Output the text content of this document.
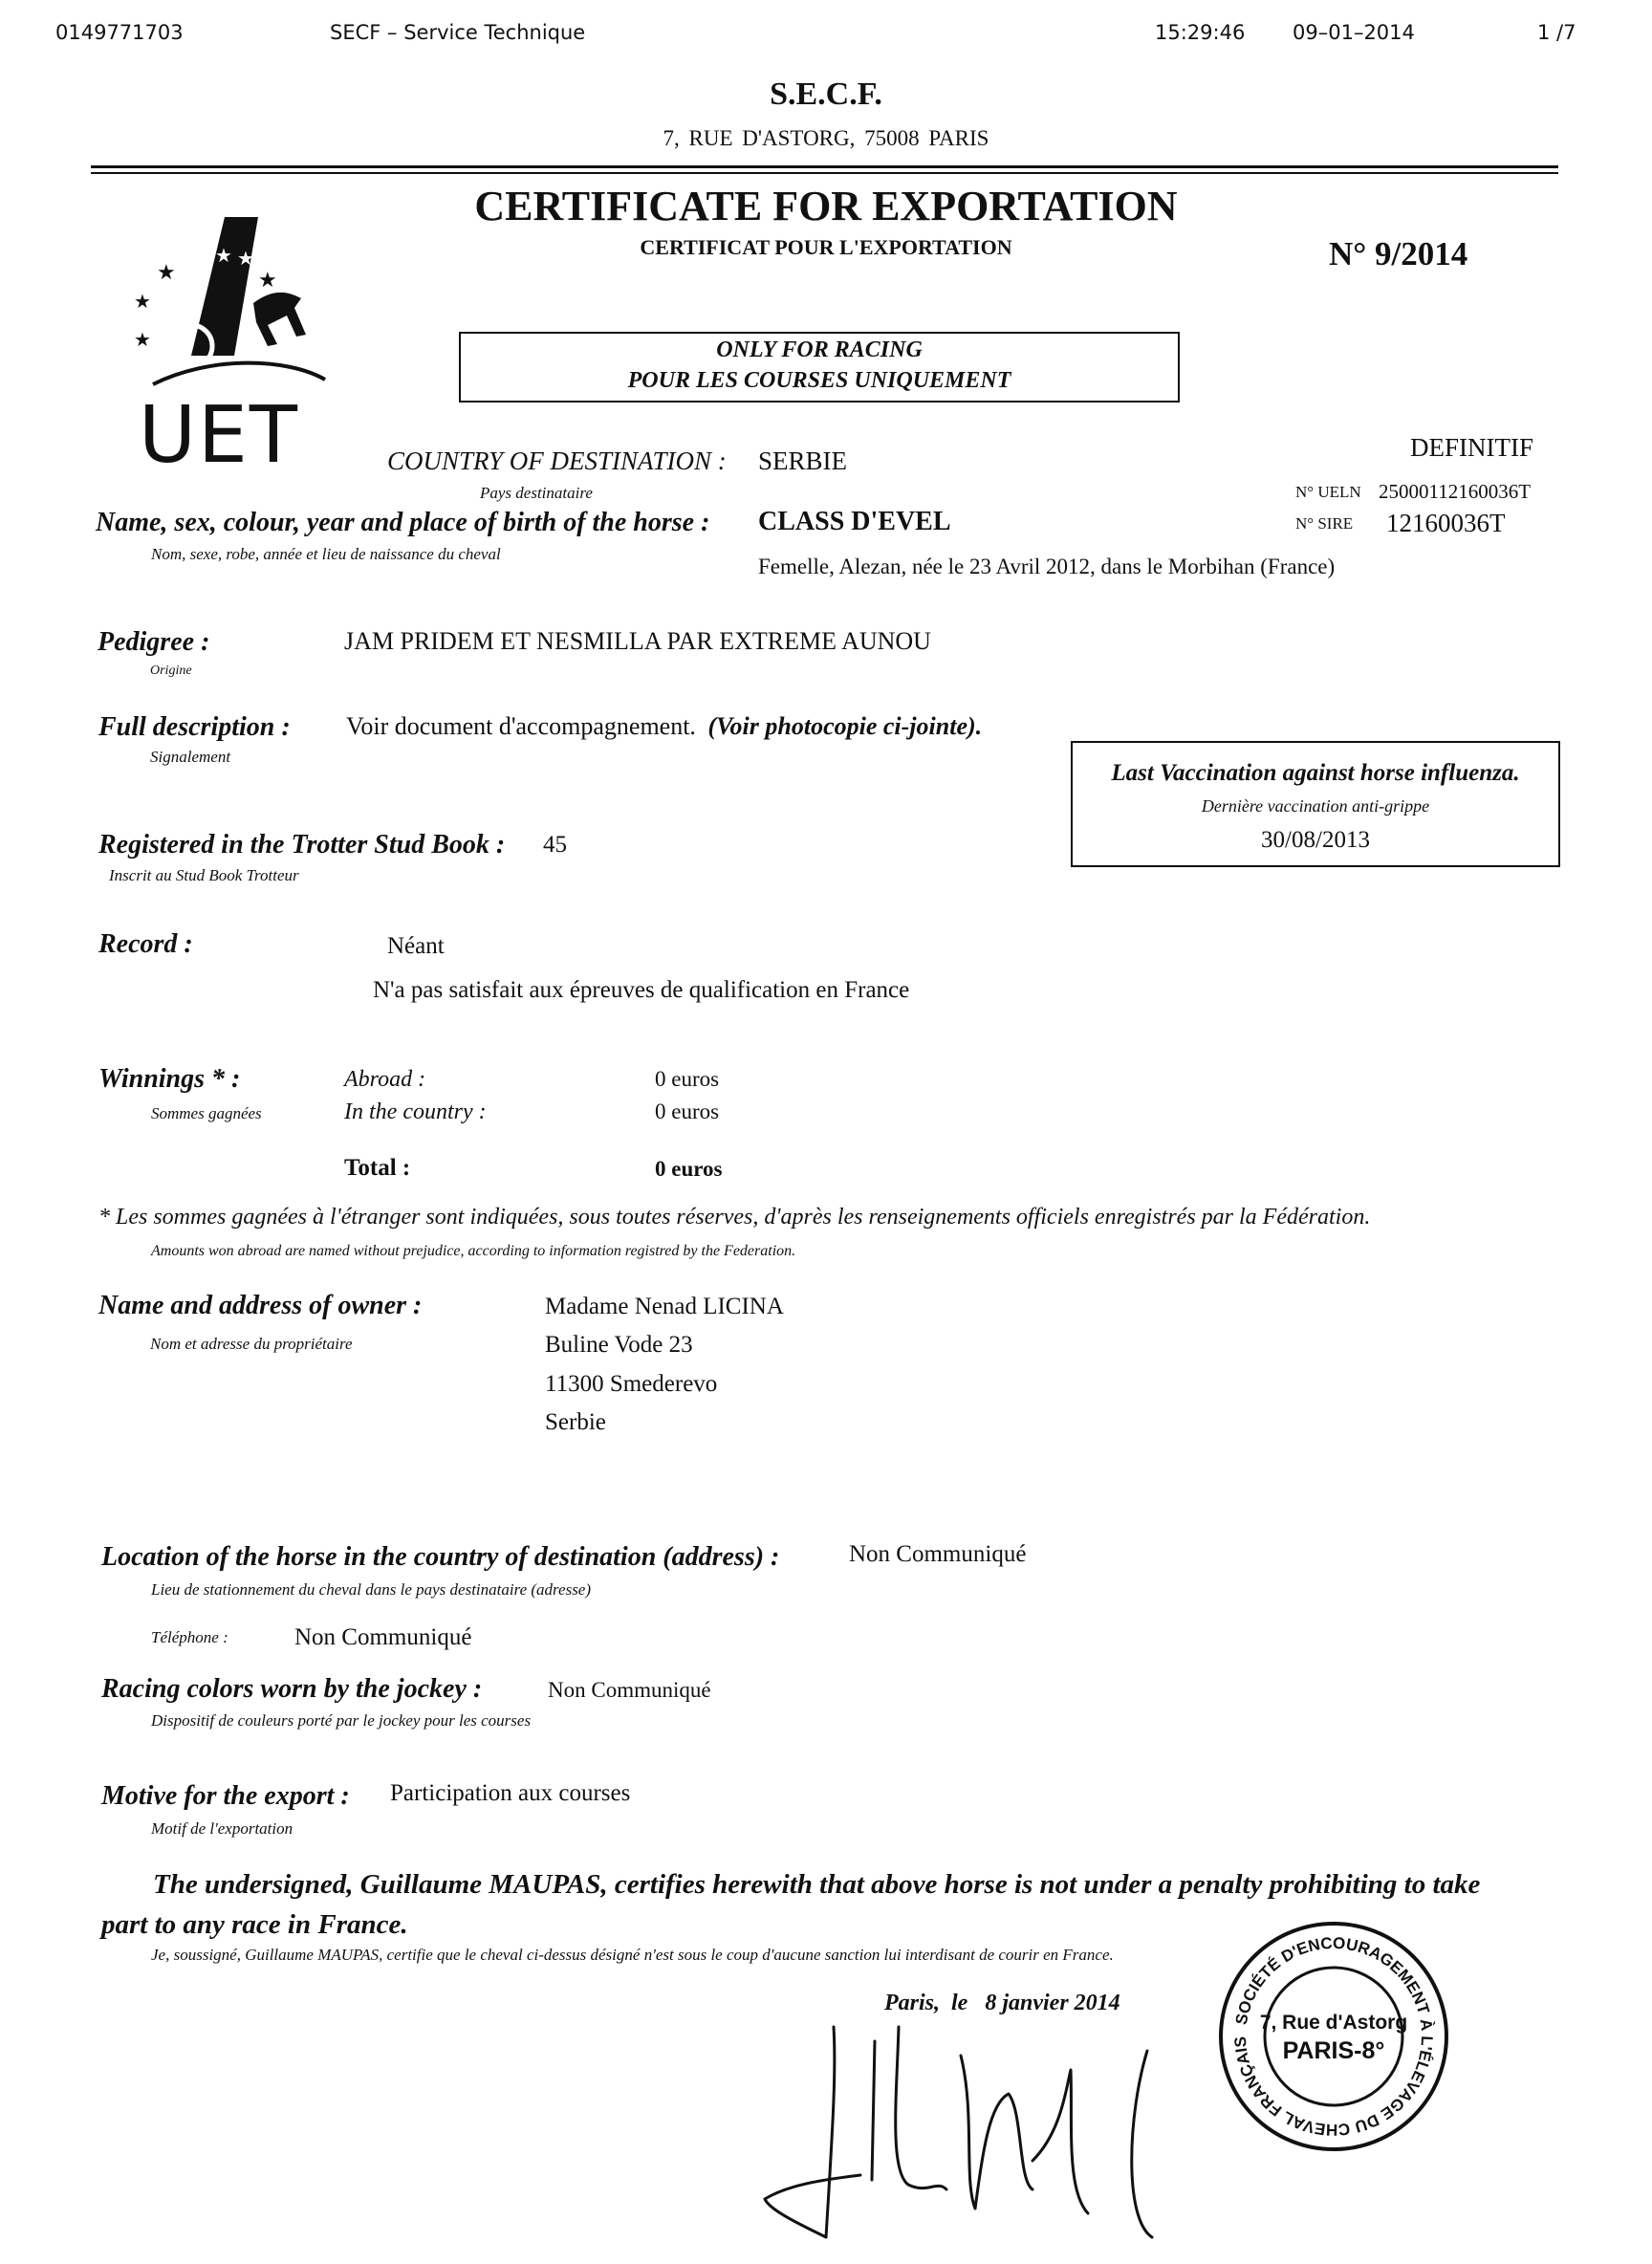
0149771703	SECF – Service Technique	15:29:46 09–01–2014	1 /7
S.E.C.F.
7, RUE D'ASTORG, 75008 PARIS
★
★
★	★
★
★
UET
CERTIFICATE FOR EXPORTATION
CERTIFICAT POUR L'EXPORTATION	N° 9/2014
ONLY FOR RACING
POUR LES COURSES UNIQUEMENT
COUNTRY OF DESTINATION :
Pays destinataire
SERBIE	DEFINITIF
N° UELN 25000112160036T
N° SIRE 12160036T
Name, sex, colour, year and place of birth of the horse :
Nom, sexe, robe, année et lieu de naissance du cheval
CLASS D'EVEL
Femelle, Alezan, née le 23 Avril 2012, dans le Morbihan (France)
Pedigree :
Origine
JAM PRIDEM ET NESMILLA PAR EXTREME AUNOU
Full description :
Signalement
Voir document d'accompagnement. (Voir photocopie ci-jointe).
Last Vaccination against horse influenza.
Dernière vaccination anti-grippe
30/08/2013
Registered in the Trotter Stud Book :
Inscrit au Stud Book Trotteur
45
Record :	Néant
N'a pas satisfait aux épreuves de qualification en France
Winnings * :
Sommes gagnées
Abroad :	0 euros
In the country :	0 euros
Total :	0 euros
* Les sommes gagnées à l'étranger sont indiquées, sous toutes réserves, d'après les renseignements officiels enregistrés par la Fédération.
Amounts won abroad are named without prejudice, according to information registred by the Federation.
Name and address of owner :
Nom et adresse du propriétaire
Madame Nenad LICINA
Buline Vode 23
11300 Smederevo
Serbie
Location of the horse in the country of destination (address) :	Non Communiqué
Lieu de stationnement du cheval dans le pays destinataire (adresse)
Téléphone :	Non Communiqué
Racing colors worn by the jockey :	Non Communiqué
Dispositif de couleurs porté par le jockey pour les courses
Motive for the export : Participation aux courses
Motif de l'exportation
The undersigned, Guillaume MAUPAS, certifies herewith that above horse is not under a penalty prohibiting to take
part to any race in France.
Je, soussigné, Guillaume MAUPAS, certifie que le cheval ci-dessus désigné n'est sous le coup d'aucune sanction lui interdisant de courir en France.
Paris,  le   8 janvier 2014
SOCIÉTÉ D'ENCOURAGEMENT À L'ÉLEVAGE DU CHEVAL FRANÇAIS
7, Rue d'Astorg
PARIS-8°
